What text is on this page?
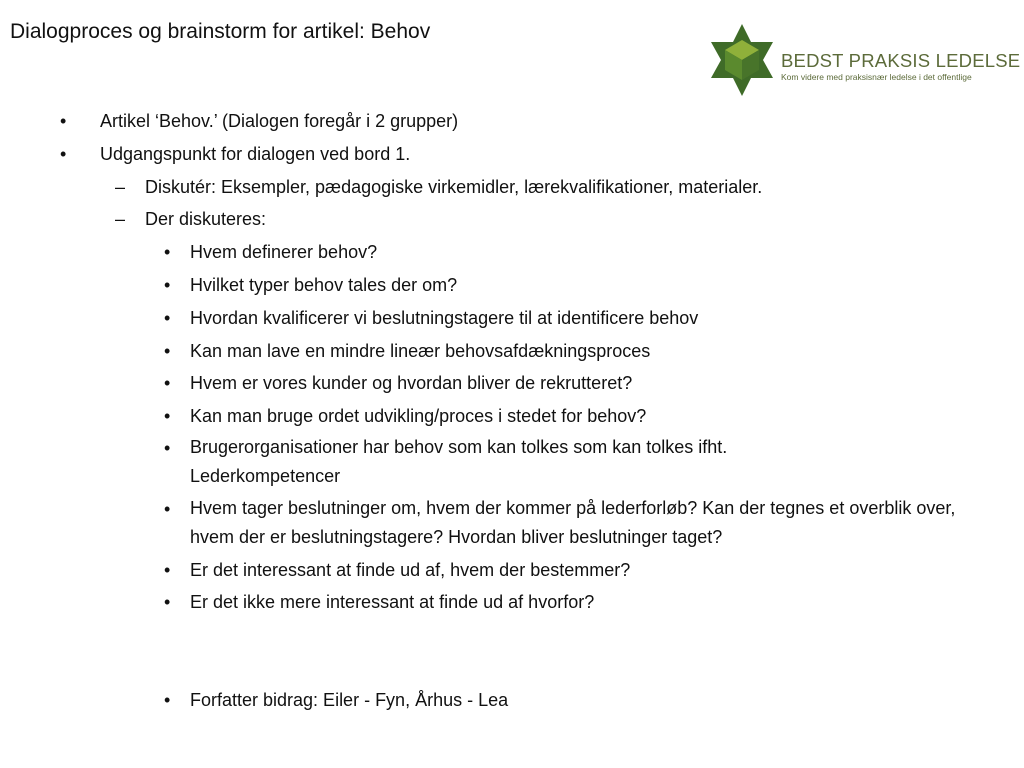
Dialogproces og brainstorm for artikel: Behov
BEDST PRAKSIS LEDELSE
Kom videre med praksisnær ledelse i det offentlige
• Artikel ‘Behov.’ (Dialogen foregår i 2 grupper)
• Udgangspunkt for dialogen ved bord 1.
– Diskutér: Eksempler, pædagogiske virkemidler, lærekvalifikationer, materialer.
– Der diskuteres:
• Hvem definerer behov?
• Hvilket typer behov tales der om?
• Hvordan kvalificerer vi beslutningstagere til at identificere behov
• Kan man lave en mindre lineær behovsafdækningsproces
• Hvem er vores kunder og hvordan bliver de rekrutteret?
• Kan man bruge ordet udvikling/proces i stedet for behov?
• Brugerorganisationer har behov som kan tolkes som kan tolkes ifht. Lederkompetencer
• Hvem tager beslutninger om, hvem der kommer på lederforløb? Kan der tegnes et overblik over, hvem der er beslutningstagere? Hvordan bliver beslutninger taget?
• Er det interessant at finde ud af, hvem der bestemmer?
• Er det ikke mere interessant at finde ud af hvorfor?
• Forfatter bidrag: Eiler - Fyn, Århus - Lea
